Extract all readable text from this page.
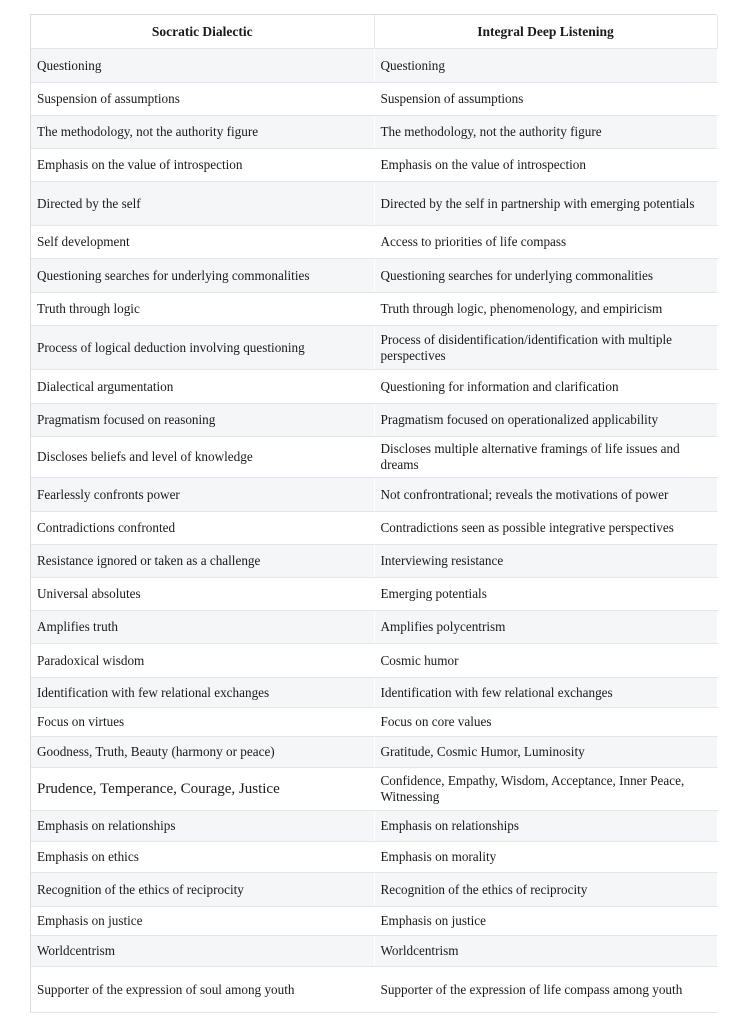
Socratic Dialectic	Integral Deep Listening
Questioning	Questioning
Suspension of assumptions	Suspension of assumptions
The methodology, not the authority figure	The methodology, not the authority figure
Emphasis on the value of introspection	Emphasis on the value of introspection
Directed by the self	Directed by the self in partnership with emerging potentials
Self development	Access to priorities of life compass
Questioning searches for underlying commonalities	Questioning searches for underlying commonalities
Truth through logic	Truth through logic, phenomenology, and empiricism
Process of logical deduction involving questioning	Process of disidentification/identification with multiple perspectives
Dialectical argumentation	Questioning for information and clarification
Pragmatism focused on reasoning	Pragmatism focused on operationalized applicability
Discloses beliefs and level of knowledge	Discloses multiple alternative framings of life issues and dreams
Fearlessly confronts power	Not confrontrational; reveals the motivations of power
Contradictions confronted	Contradictions seen as possible integrative perspectives
Resistance ignored or taken as a challenge	Interviewing resistance
Universal absolutes	Emerging potentials
Amplifies truth	Amplifies polycentrism
Paradoxical wisdom	Cosmic humor
Identification with few relational exchanges	Identification with few relational exchanges
Focus on virtues	Focus on core values
Goodness, Truth, Beauty (harmony or peace)	Gratitude, Cosmic Humor, Luminosity
Prudence, Temperance, Courage, Justice	Confidence, Empathy, Wisdom, Acceptance, Inner Peace, Witnessing
Emphasis on relationships	Emphasis on relationships
Emphasis on ethics	Emphasis on morality
Recognition of the ethics of reciprocity	Recognition of the ethics of reciprocity
Emphasis on justice	Emphasis on justice
Worldcentrism	Worldcentrism
Supporter of the expression of soul among youth	Supporter of the expression of life compass among youth
